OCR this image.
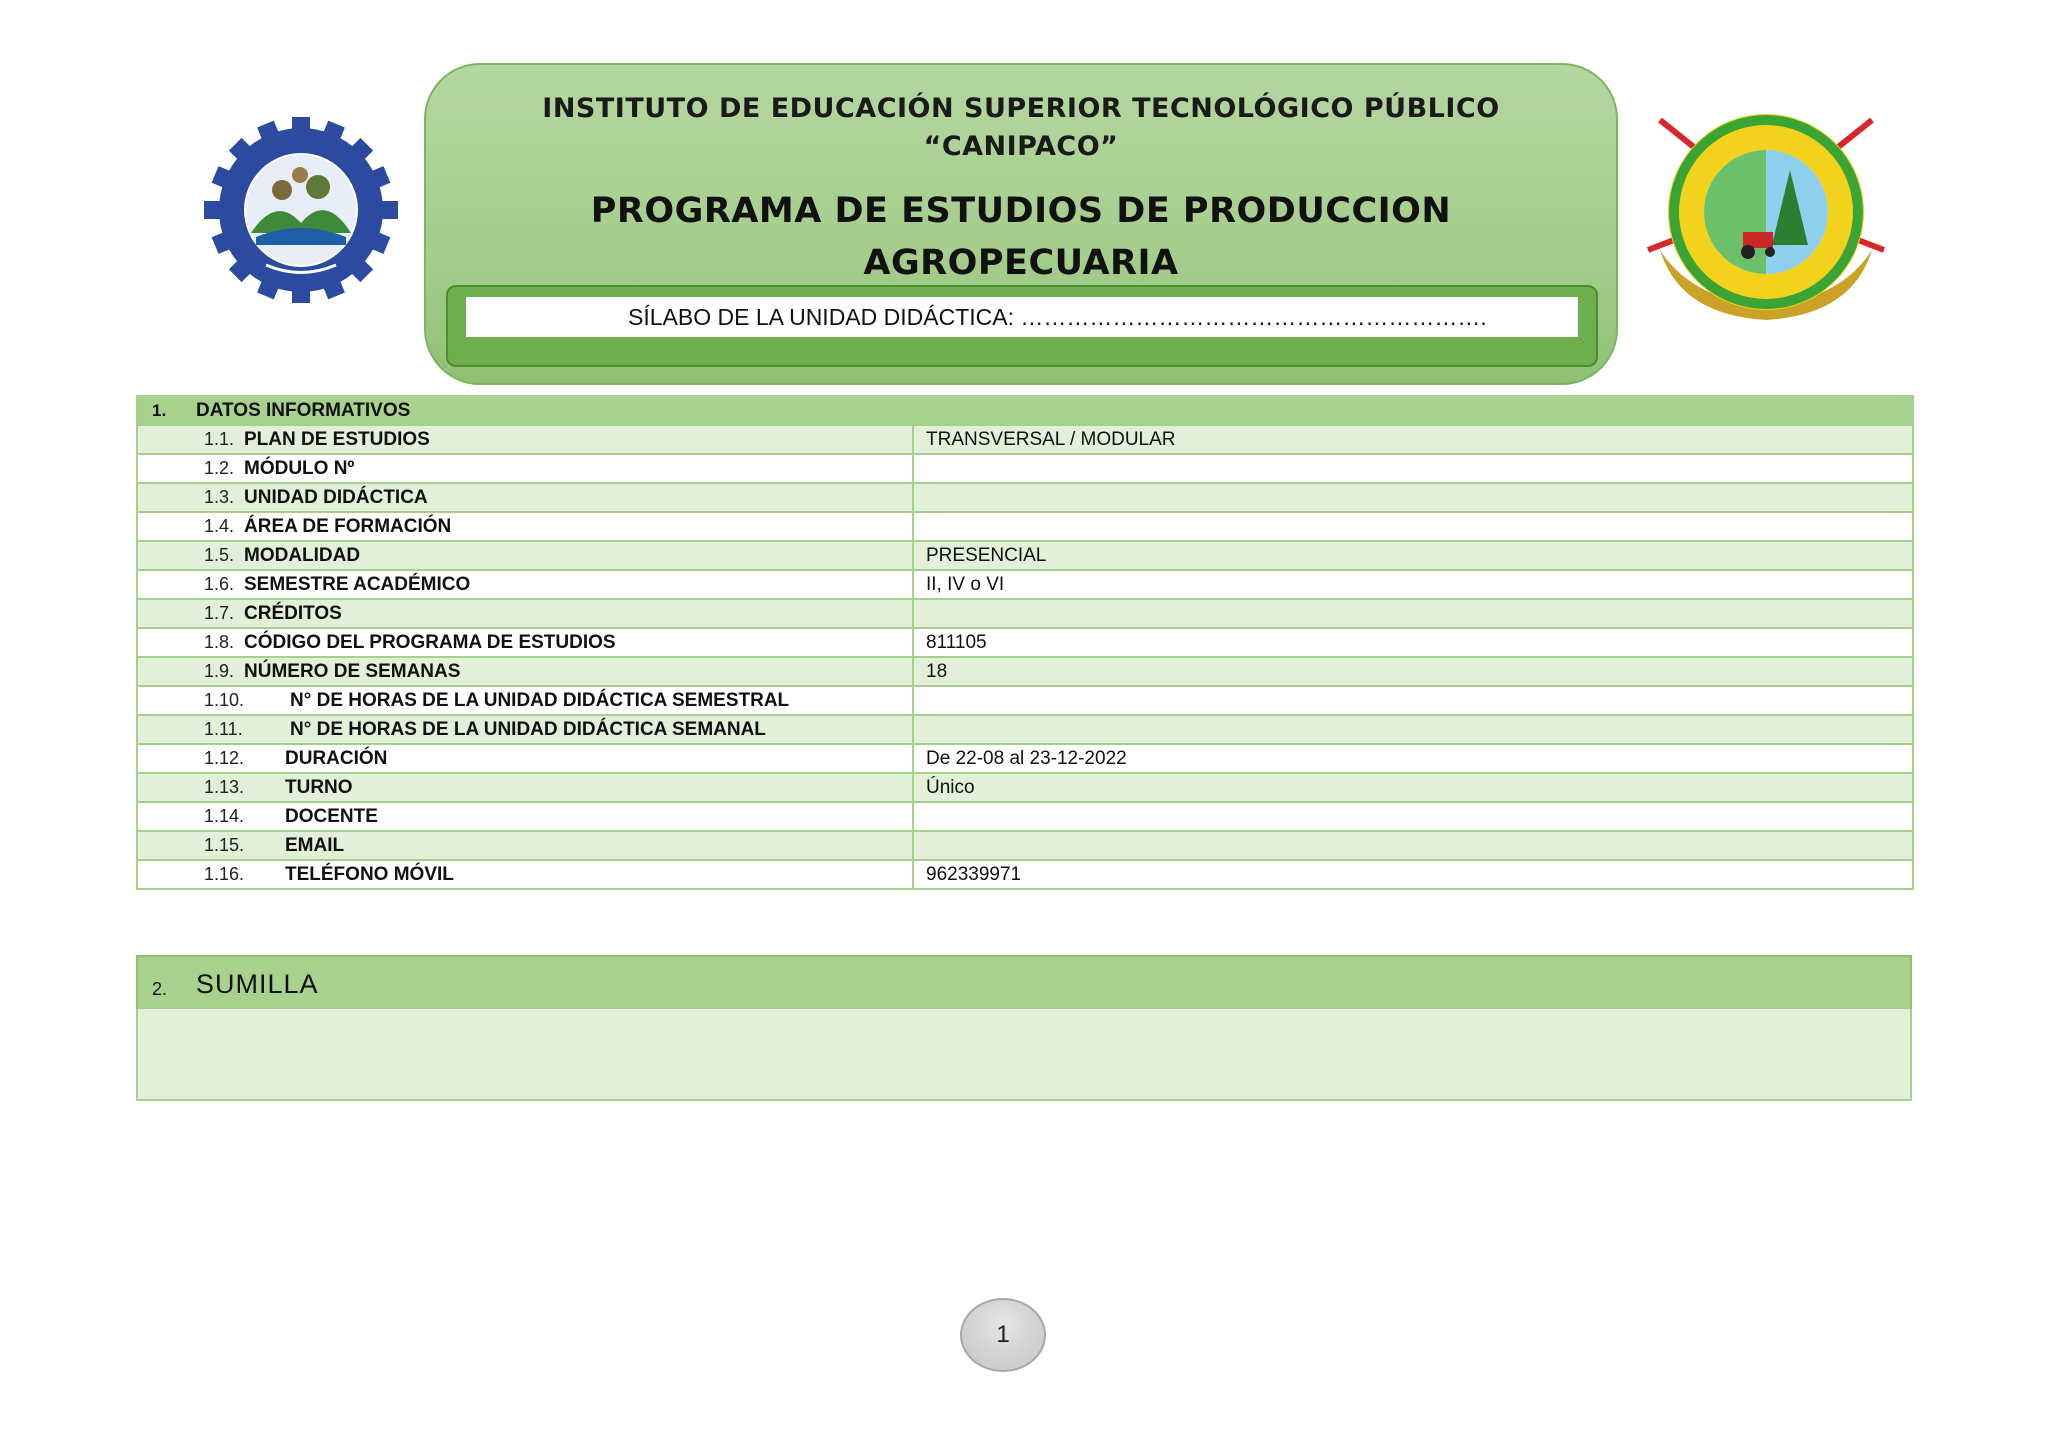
INSTITUTO DE EDUCACIÓN SUPERIOR TECNOLÓGICO PÚBLICO
“CANIPACO”
PROGRAMA DE ESTUDIOS DE PRODUCCION
AGROPECUARIA
SÍLABO DE LA UNIDAD DIDÁCTICA: …………………………………………………….
1. DATOS INFORMATIVOS	
1.1. PLAN DE ESTUDIOS	TRANSVERSAL / MODULAR
1.2. MÓDULO Nº	
1.3. UNIDAD DIDÁCTICA	
1.4. ÁREA DE FORMACIÓN	
1.5. MODALIDAD	PRESENCIAL
1.6. SEMESTRE ACADÉMICO	II, IV o VI
1.7. CRÉDITOS	
1.8. CÓDIGO DEL PROGRAMA DE ESTUDIOS	811105
1.9. NÚMERO DE SEMANAS	18
1.10. N° DE HORAS DE LA UNIDAD DIDÁCTICA SEMESTRAL	
1.11. N° DE HORAS DE LA UNIDAD DIDÁCTICA SEMANAL	
1.12. DURACIÓN	De 22-08 al 23-12-2022
1.13. TURNO	Único
1.14. DOCENTE	
1.15. EMAIL	
1.16. TELÉFONO MÓVIL	962339971
2. SUMILLA
1
